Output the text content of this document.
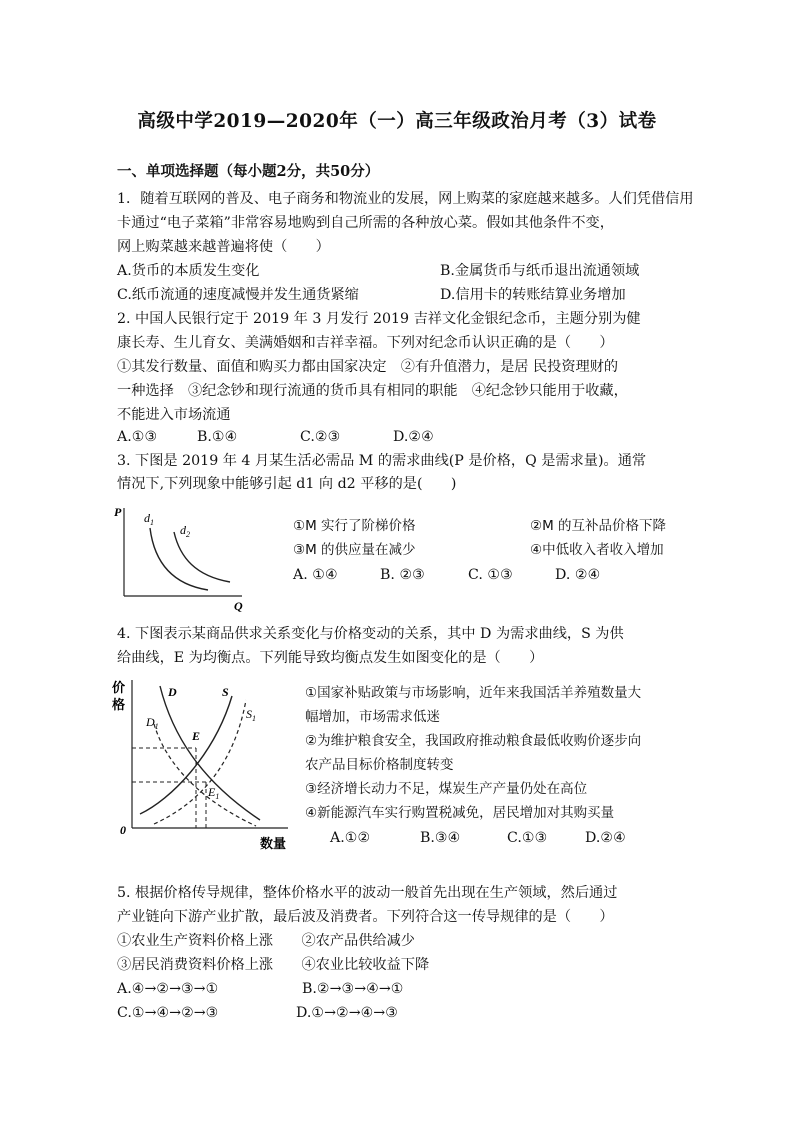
高级中学2019—2020年（一）高三年级政治月考（3）试卷
一、单项选择题（每小题2分，共50分）
1．随着互联网的普及、电子商务和物流业的发展，网上购菜的家庭越来越多。人们凭借信用
卡通过“电子菜箱”非常容易地购到自己所需的各种放心菜。假如其他条件不变，
网上购菜越来越普遍将使（　　）
A.货币的本质发生变化	B.金属货币与纸币退出流通领域
C.纸币流通的速度减慢并发生通货紧缩	D.信用卡的转账结算业务增加
2. 中国人民银行定于 2019 年 3 月发行 2019 吉祥文化金银纪念币，主题分别为健
康长寿、生儿育女、美满婚姻和吉祥幸福。下列对纪念币认识正确的是（　　）
①其发行数量、面值和购买力都由国家决定　②有升值潜力，是居 民投资理财的
一种选择　③纪念钞和现行流通的货币具有相同的职能　④纪念钞只能用于收藏，
不能进入市场流通
A.①③	B.①④	C.②③	D.②④
3. 下图是 2019 年 4 月某生活必需品 M 的需求曲线(P 是价格，Q 是需求量)。通常
情况下,下列现象中能够引起 d1 向 d2 平移的是(　　)
P
Q
$d_1$
$d_2$
①M 实行了阶梯价格	②M 的互补品价格下降
③M 的供应量在减少	④中低收入者收入增加
A. ①④	B. ②③	C. ①③	D. ②④
4. 下图表示某商品供求关系变化与价格变动的关系，其中 D 为需求曲线，S 为供
给曲线，E 为均衡点。下列能导致均衡点发生如图变化的是（　　）
价
格
数量
0
D
$D_1$
S
$S_1$
E
$E_1$
①国家补贴政策与市场影响，近年来我国活羊养殖数量大
幅增加，市场需求低迷
②为维护粮食安全，我国政府推动粮食最低收购价逐步向
农产品目标价格制度转变
③经济增长动力不足，煤炭生产产量仍处在高位
④新能源汽车实行购置税减免，居民增加对其购买量
A.①②	B.③④	C.①③	D.②④
5. 根据价格传导规律，整体价格水平的波动一般首先出现在生产领域，然后通过
产业链向下游产业扩散，最后波及消费者。下列符合这一传导规律的是（　　）
①农业生产资料价格上涨　　②农产品供给减少
③居民消费资料价格上涨　　④农业比较收益下降
A.④→②→③→①	B.②→③→④→①
C.①→④→②→③	D.①→②→④→③
